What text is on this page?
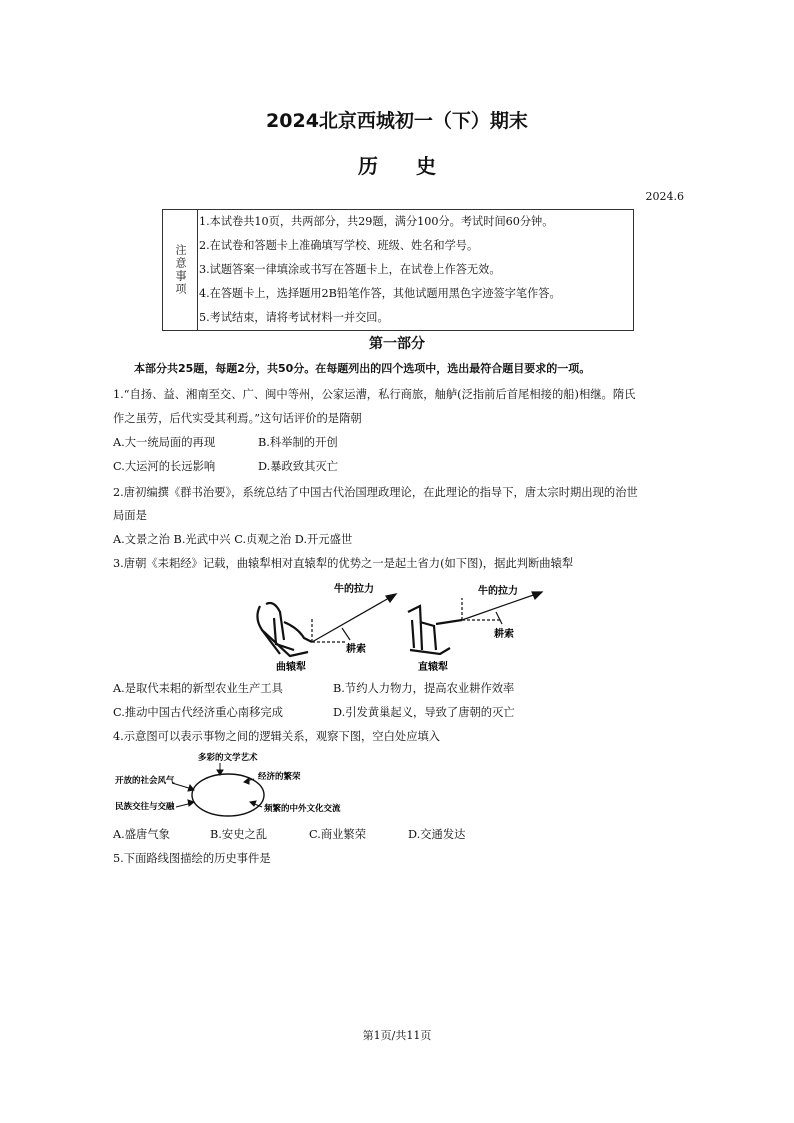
2024北京西城初一（下）期末
历史
2024.6
注意事项
1.本试卷共10页，共两部分，共29题，满分100分。考试时间60分钟。
2.在试卷和答题卡上准确填写学校、班级、姓名和学号。
3.试题答案一律填涂或书写在答题卡上，在试卷上作答无效。
4.在答题卡上，选择题用2B铅笔作答，其他试题用黑色字迹签字笔作答。
5.考试结束，请将考试材料一并交回。
第一部分
本部分共25题，每题2分，共50分。在每题列出的四个选项中，选出最符合题目要求的一项。
1.“自扬、益、湘南至交、广、闽中等州，公家运漕，私行商旅，舳舻(泛指前后首尾相接的船)相继。隋氏
作之虽劳，后代实受其利焉。”这句话评价的是隋朝
A.大一统局面的再现	B.科举制的开创
C.大运河的长远影响	D.暴政致其灭亡
2.唐初编撰《群书治要》，系统总结了中国古代治国理政理论，在此理论的指导下，唐太宗时期出现的治世
局面是
A.文景之治 B.光武中兴 C.贞观之治 D.开元盛世
3.唐朝《耒耜经》记载，曲辕犁相对直辕犁的优势之一是起土省力(如下图)，据此判断曲辕犁
牛的拉力
耕索
曲辕犁
牛的拉力
耕索
直辕犁
A.是取代耒耜的新型农业生产工具	B.节约人力物力，提高农业耕作效率
C.推动中国古代经济重心南移完成	D.引发黄巢起义，导致了唐朝的灭亡
4.示意图可以表示事物之间的逻辑关系，观察下图，空白处应填入
多彩的文学艺术
开放的社会风气	经济的繁荣
民族交往与交融	频繁的中外文化交流
A.盛唐气象	B.安史之乱	C.商业繁荣	D.交通发达
5.下面路线图描绘的历史事件是
第1页/共11页
